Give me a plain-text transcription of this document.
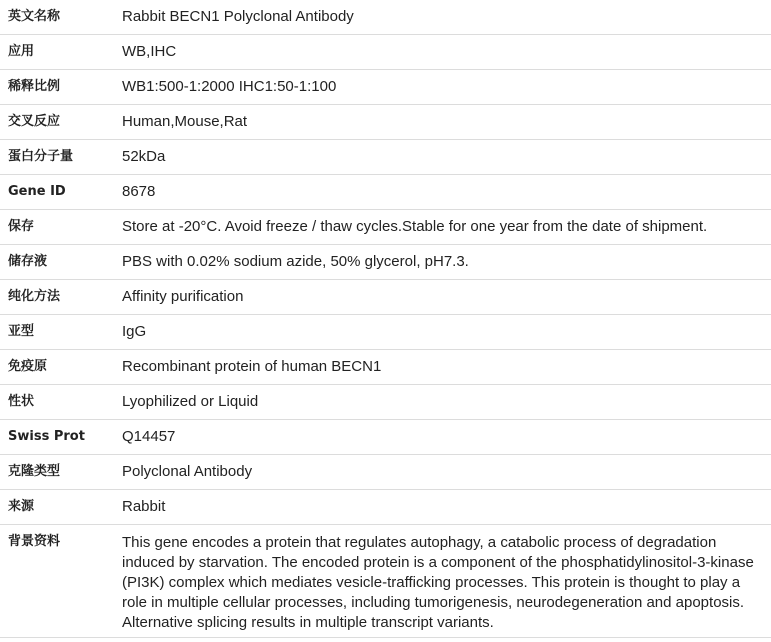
英文名称	Rabbit BECN1 Polyclonal Antibody
应用	WB,IHC
稀释比例	WB1:500-1:2000 IHC1:50-1:100
交叉反应	Human,Mouse,Rat
蛋白分子量	52kDa
Gene ID	8678
保存	Store at -20°C. Avoid freeze / thaw cycles.Stable for one year from the date of shipment.
储存液	PBS with 0.02% sodium azide, 50% glycerol, pH7.3.
纯化方法	Affinity purification
亚型	IgG
免疫原	Recombinant protein of human BECN1
性状	Lyophilized or Liquid
Swiss Prot	Q14457
克隆类型	Polyclonal Antibody
来源	Rabbit
背景资料	This gene encodes a protein that regulates autophagy, a catabolic process of degradation induced by starvation. The encoded protein is a component of the phosphatidylinositol-3-kinase (PI3K) complex which mediates vesicle-trafficking processes. This protein is thought to play a role in multiple cellular processes, including tumorigenesis, neurodegeneration and apoptosis. Alternative splicing results in multiple transcript variants.
